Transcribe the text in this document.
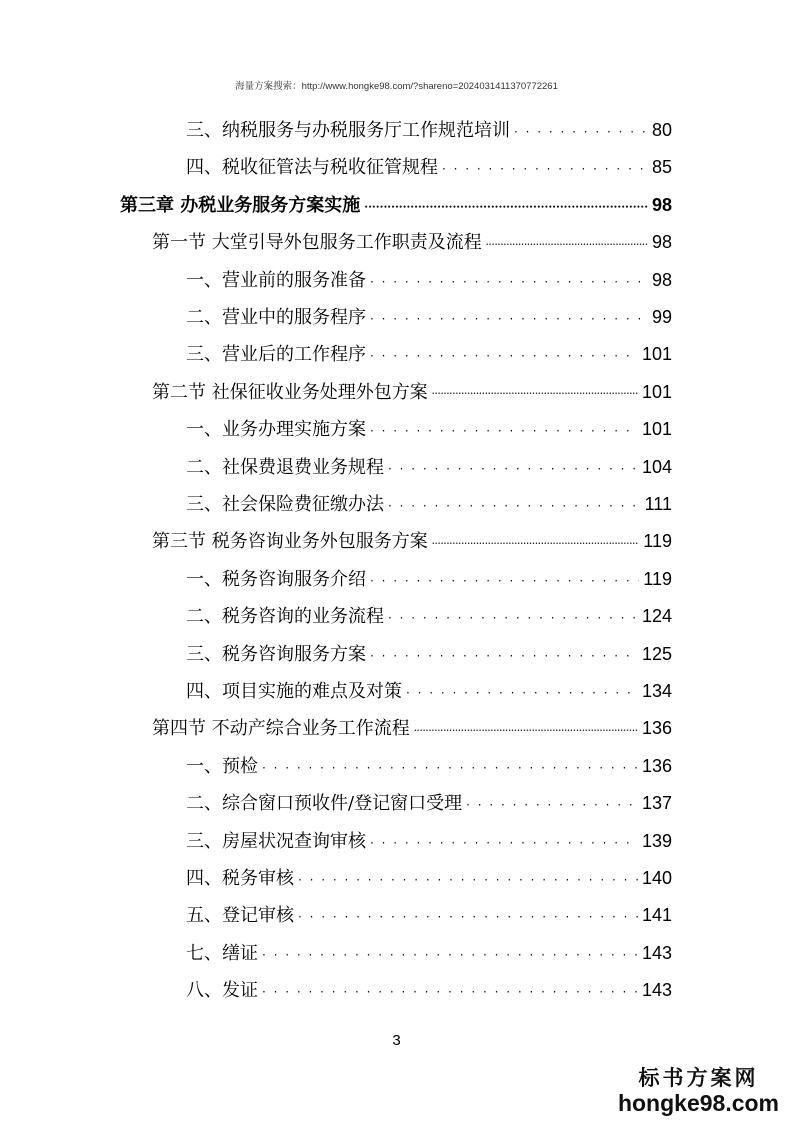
海量方案搜索：http://www.hongke98.com/?shareno=2024031411370772261
三、纳税服务与办税服务厅工作规范培训 · · ·	80
四、税收征管法与税收征管规程 · · ·	85
第三章 办税业务服务方案实施 •••••	98
第一节 大堂引导外包服务工作职责及流程 •••••	98
一、营业前的服务准备 · · ·	98
二、营业中的服务程序 · · ·	99
三、营业后的工作程序 · · ·	101
第二节 社保征收业务处理外包方案 •••••	101
一、业务办理实施方案 · · ·	101
二、社保费退费业务规程 · · ·	104
三、社会保险费征缴办法 · · ·	111
第三节 税务咨询业务外包服务方案 •••••	119
一、税务咨询服务介绍 · · ·	119
二、税务咨询的业务流程 · · ·	124
三、税务咨询服务方案 · · ·	125
四、项目实施的难点及对策 · · ·	134
第四节 不动产综合业务工作流程 •••••	136
一、预检 · · ·	136
二、综合窗口预收件/登记窗口受理 · · ·	137
三、房屋状况查询审核 · · ·	139
四、税务审核 · · ·	140
五、登记审核 · · ·	141
七、缮证 · · ·	143
八、发证 · · ·	143
3
标书方案网
hongke98.com
